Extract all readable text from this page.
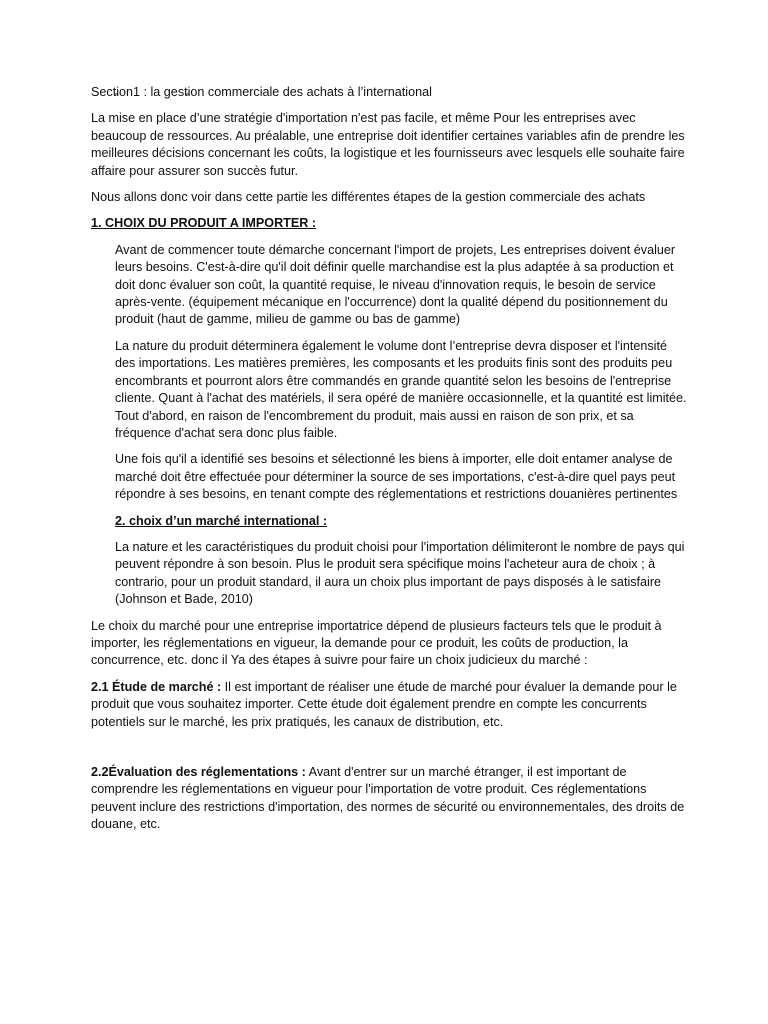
Sect̵ion1 : la gest̵ion commerciale des achats à l’international

La mise en place d’une stratégie d'importation n'est pas facile, et même Pour les entreprises avec beaucoup de ressources. Au préalable, une entreprise doit identifier certaines variables afin de prendre les meilleures décisions concernant les coûts, la logistique et les fournisseurs avec lesquels elle souhaite faire affaire pour assurer son succès futur.

Nous allons donc voir dans cette partie les différentes étapes de la gestion commerciale des achats

1. CHOIX DU PRODUIT A IMPORTER :

Avant de commencer toute démarche concernant l'import de projets, Les entreprises doivent évaluer leurs besoins. C'est-à-dire qu'il doit définir quelle marchandise est la plus adaptée à sa production et doit donc évaluer son coût, la quantité requise, le niveau d'innovation requis, le besoin de service après-vente. (équipement mécanique en l'occurrence) dont la qualité dépend du positionnement du produit (haut de gamme, milieu de gamme ou bas de gamme)

La nature du produit déterminera également le volume dont l’entreprise devra disposer et l'intensité des importations. Les matières premières, les composants et les produits finis sont des produits peu encombrants et pourront alors être commandés en grande quantité selon les besoins de l'entreprise cliente. Quant à l'achat des matériels, il sera opéré de manière occasionnelle, et la quantité est limitée. Tout d'abord, en raison de l'encombrement du produit, mais aussi en raison de son prix, et sa fréquence d'achat sera donc plus faible.

Une fois qu'il a identifié ses besoins et sélectionné les biens à importer, elle doit entamer analyse de marché doit être effectuée pour déterminer la source de ses importations, c'est-à-dire quel pays peut répondre à ses besoins, en tenant compte des réglementations et restrictions douanières pertinentes

2. choix d’un marché international :

La nature et les caractéristiques du produit choisi pour l'importation délimiteront le nombre de pays qui peuvent répondre à son besoin. Plus le produit sera spécifique moins l'acheteur aura de choix ; à contrario, pour un produit standard, il aura un choix plus important de pays disposés à le satisfaire (Johnson et Bade, 2010)

Le choix du marché pour une entreprise importatrice dépend de plusieurs facteurs tels que le produit à importer, les réglementations en vigueur, la demande pour ce produit, les coûts de production, la concurrence, etc. donc il Ya des étapes à suivre pour faire un choix judicieux du marché :

2.1 Étude de marché : Il est important de réaliser une étude de marché pour évaluer la demande pour le produit que vous souhaitez importer. Cette étude doit également prendre en compte les concurrents potentiels sur le marché, les prix pratiqués, les canaux de distribution, etc.

2.2Évaluation des réglementations : Avant d'entrer sur un marché étranger, il est important de comprendre les réglementations en vigueur pour l'importation de votre produit. Ces réglementations peuvent inclure des restrictions d'importation, des normes de sécurité ou environnementales, des droits de douane, etc.
